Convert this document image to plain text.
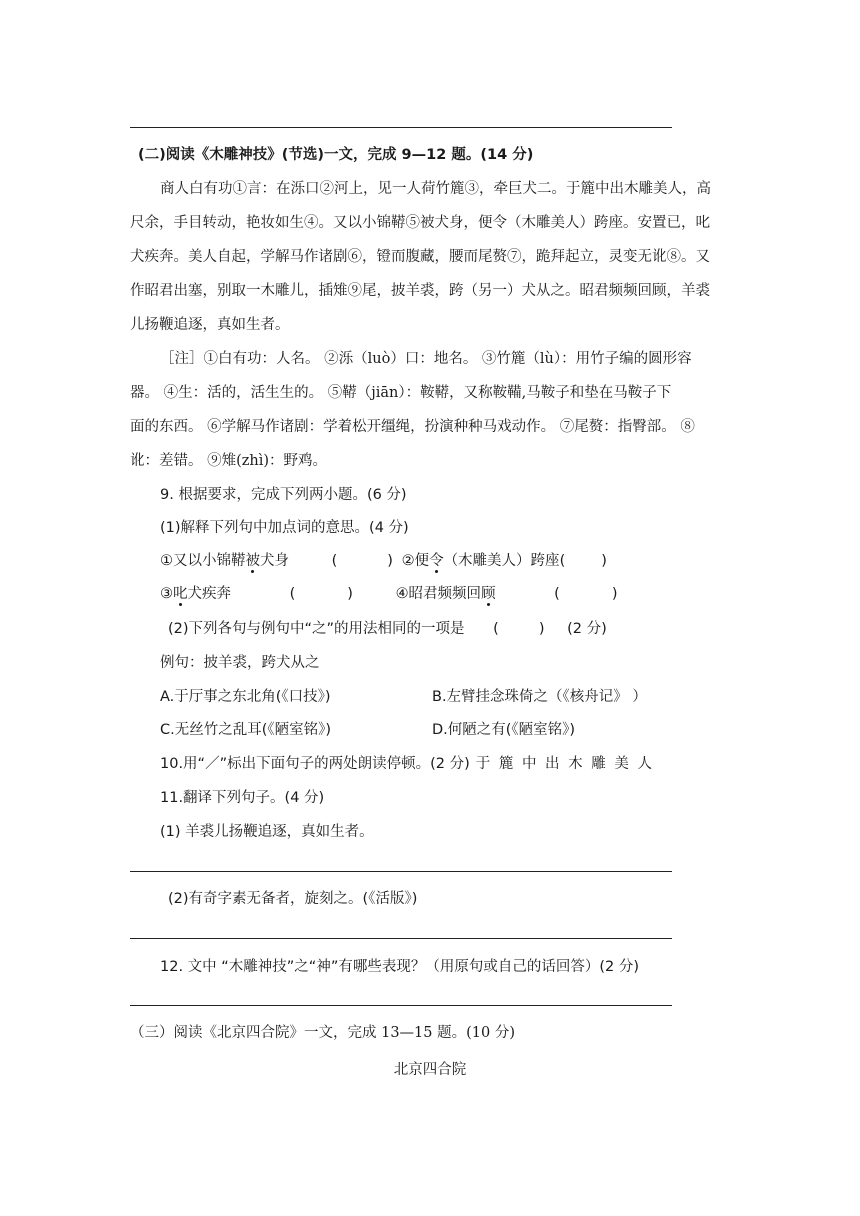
(二)阅读《木雕神技》(节选)一文，完成 9—12 题。(14 分)
商人白有功①言：在泺口②河上，见一人荷竹簏③，牵巨犬二。于簏中出木雕美人，高
尺余，手目转动，艳妆如生④。又以小锦鞯⑤被犬身，便令（木雕美人）跨座。安置已，叱
犬疾奔。美人自起，学解马作诸剧⑥，镫而腹藏，腰而尾赘⑦，跪拜起立，灵变无讹⑧。又
作昭君出塞，别取一木雕儿，插雉⑨尾，披羊裘，跨（另一）犬从之。昭君频频回顾，羊裘
儿扬鞭追逐，真如生者。
［注］①白有功：人名。 ②泺（luò）口：地名。 ③竹簏（lù）：用竹子编的圆形容
器。 ④生：活的，活生生的。 ⑤鞯（jiān）：鞍鞯，又称鞍鞴,马鞍子和垫在马鞍子下
面的东西。 ⑥学解马作诸剧：学着松开缰绳，扮演种种马戏动作。 ⑦尾赘：指臀部。 ⑧
讹：差错。 ⑨雉(zhì)：野鸡。
9. 根据要求，完成下列两小题。(6 分)
(1)解释下列句中加点词的意思。(4 分)
①又以小锦鞯被犬身	(	) ②便令（木雕美人）跨座( )
③叱犬疾奔	(	)	④昭君频频回顾	(	)
(2)下列各句与例句中“之”的用法相同的一项是 (	) (2 分)
例句：披羊裘，跨犬从之
A.于厅事之东北角(《口技》)	B.左臂挂念珠倚之（《核舟记》 ）
C.无丝竹之乱耳(《陋室铭》)	D.何陋之有(《陋室铭》)
10.用“／”标出下面句子的两处朗读停顿。(2 分) 于 簏 中 出 木 雕 美 人
11.翻译下列句子。(4 分)
(1) 羊裘儿扬鞭追逐，真如生者。
(2)有奇字素无备者，旋刻之。(《活版》)
12. 文中 “木雕神技”之“神”有哪些表现？（用原句或自己的话回答）(2 分)
（三）阅读《北京四合院》一文，完成 13—15 题。(10 分)
北京四合院
